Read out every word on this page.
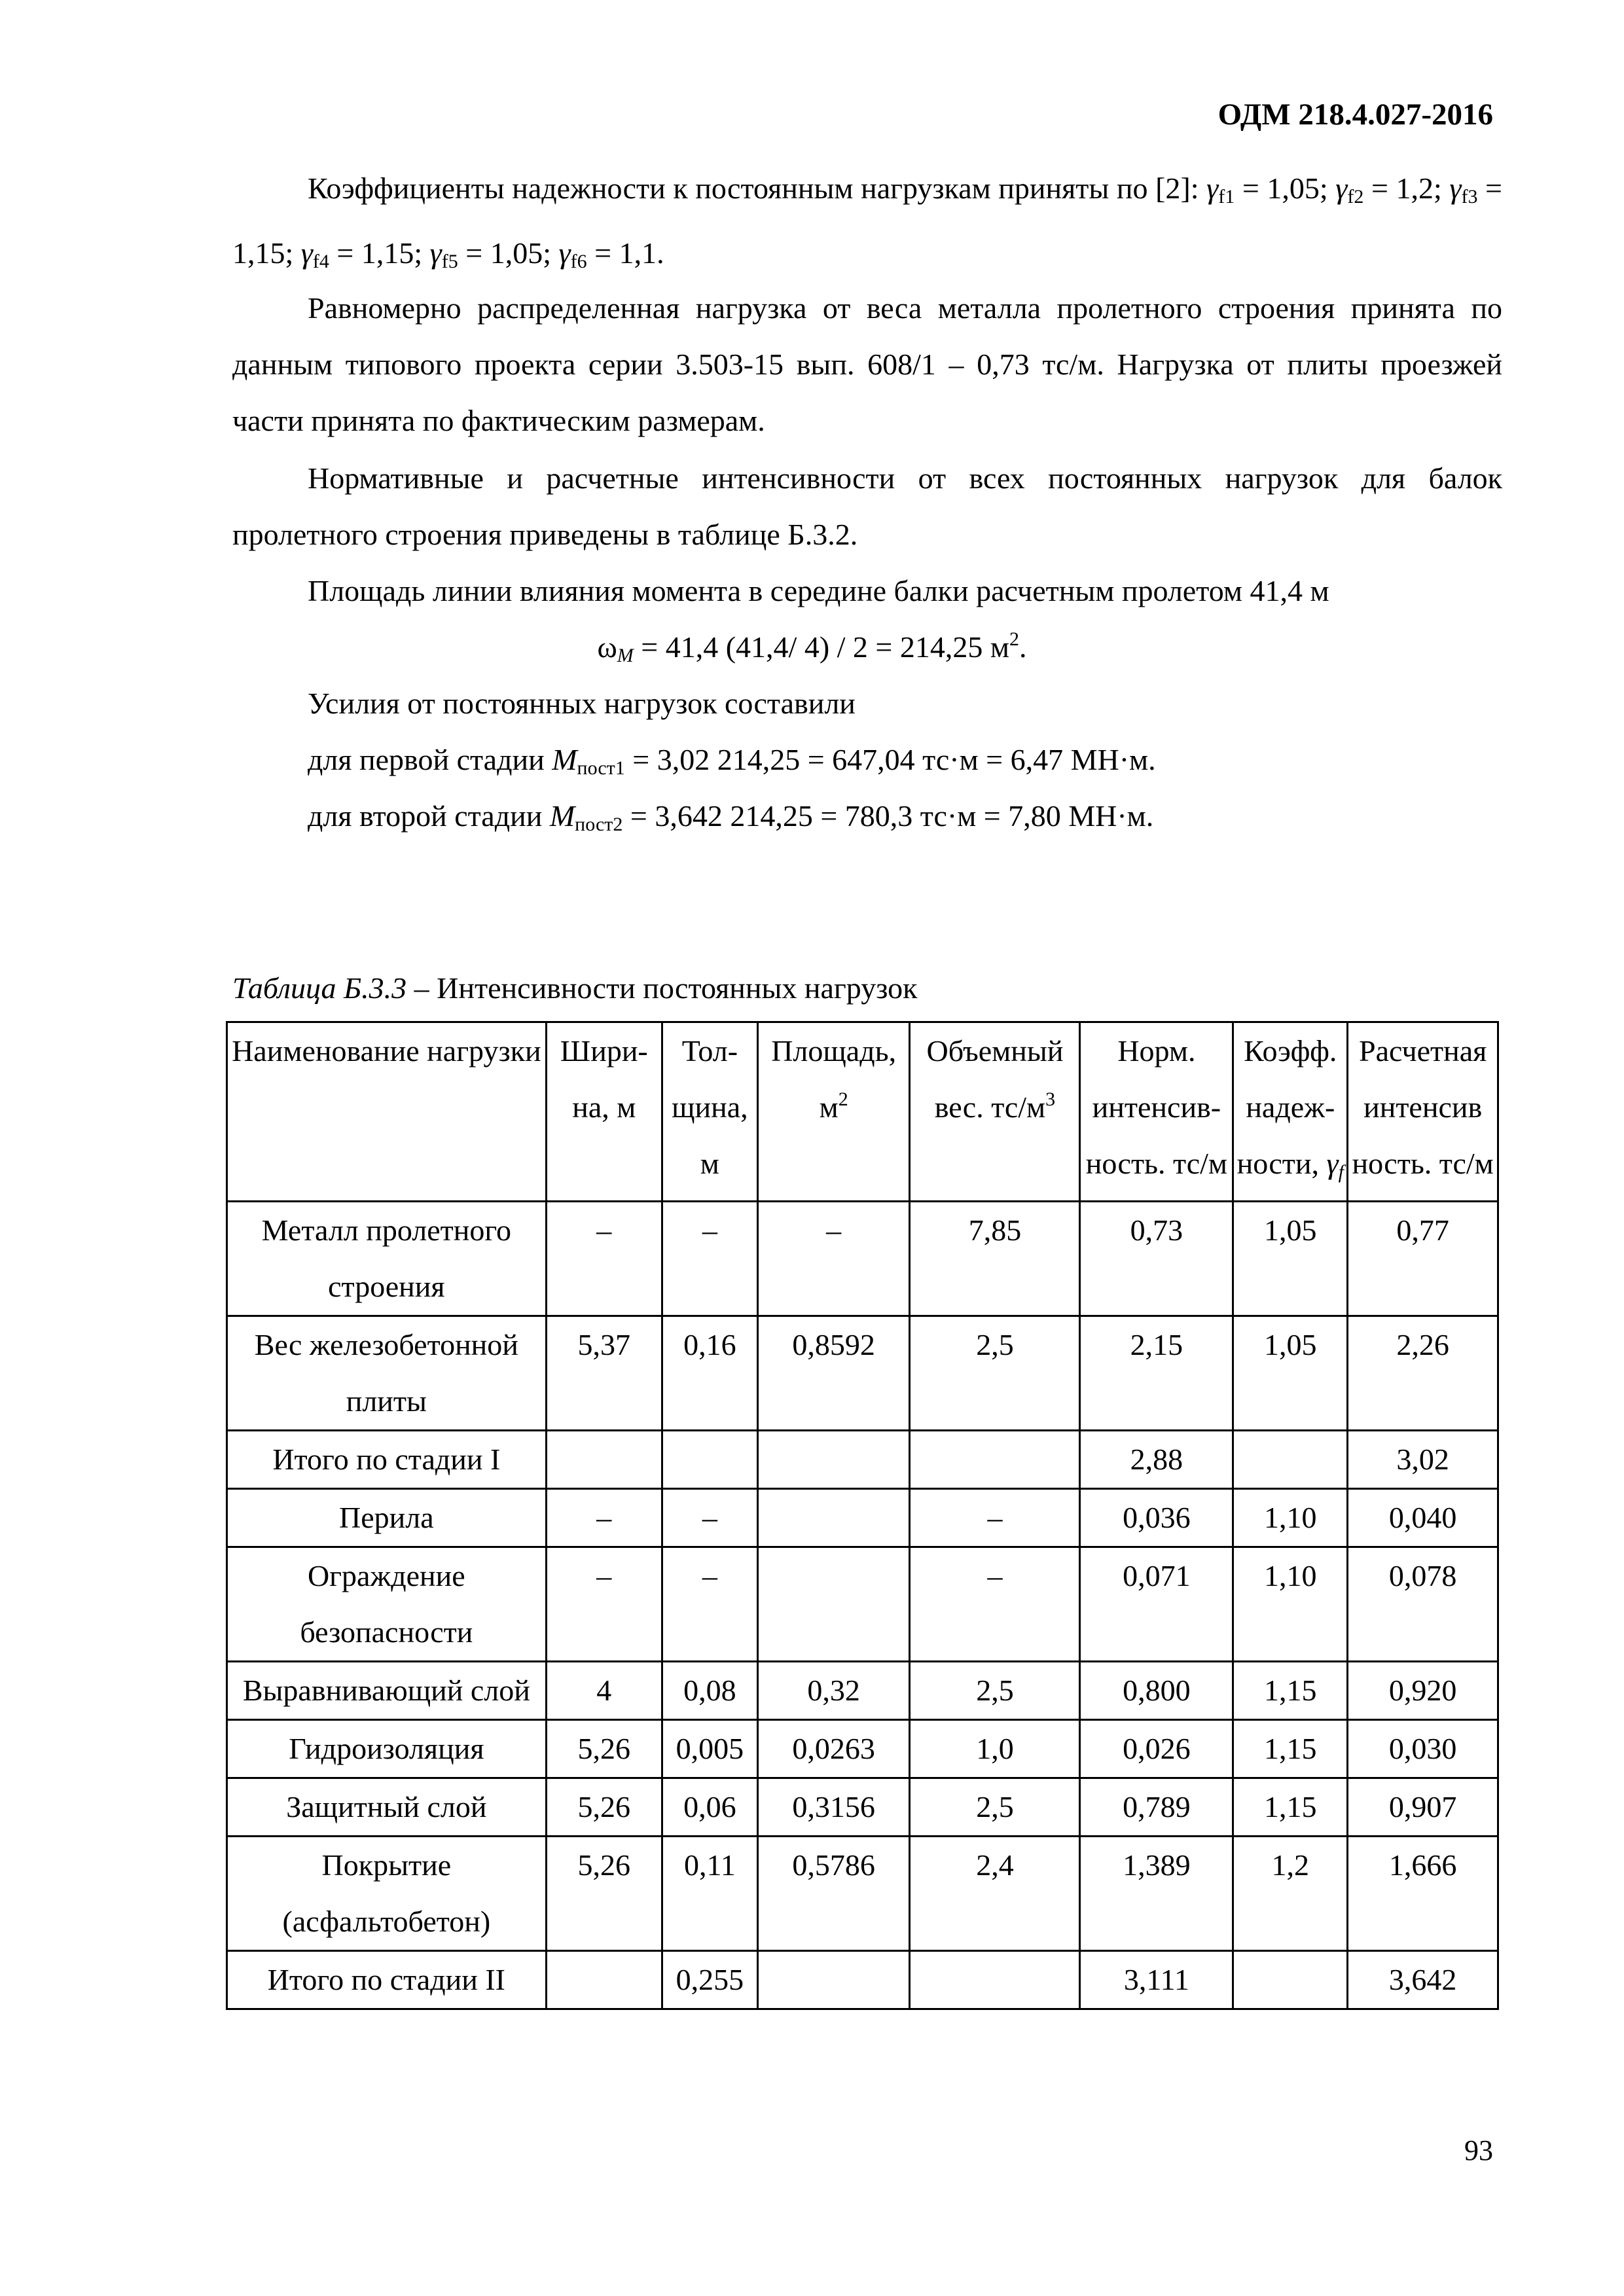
ОДМ 218.4.027-2016

Коэффициенты надежности к постоянным нагрузкам приняты по [2]: $\gamma_{f1} = 1,05$; $\gamma_{f2} = 1,2$; $\gamma_{f3} = 1,15$; $\gamma_{f4} = 1,15$; $\gamma_{f5} = 1,05$; $\gamma_{f6} = 1,1$.

Равномерно распределенная нагрузка от веса металла пролетного строения принята по данным типового проекта серии 3.503-15 вып. 608/1 – 0,73 тс/м. Нагрузка от плиты проезжей части принята по фактическим размерам.

Нормативные и расчетные интенсивности от всех постоянных нагрузок для балок пролетного строения приведены в таблице Б.3.2.

Площадь линии влияния момента в середине балки расчетным пролетом 41,4 м
$\omega_M = 41,4$ (41,4/ 4) / 2 = 214,25 $м^2$.
Усилия от постоянных нагрузок составили
для первой стадии $M_{пост1} = 3,02$ 214,25 = 647,04 тс·м = 6,47 МН·м.
для второй стадии $M_{пост2} = 3,642$ 214,25 = 780,3 тс·м = 7,80 МН·м.
Таблица Б.3.3 – Интенсивности постоянных нагрузок
Наименование нагрузки	Шири-на, м	Тол-щина, м	Площадь, $м^2$	Объемный вес. $тс/м^3$	Норм. интенсив-ность. тс/м	Коэфф. надеж-ности, $\gamma_f$	Расчетная интенсив ность. тс/м
Металл пролетного строения	–	–	–	7,85	0,73	1,05	0,77
Вес железобетонной плиты	5,37	0,16	0,8592	2,5	2,15	1,05	2,26
Итого по стадии I					2,88		3,02
Перила	–	–		–	0,036	1,10	0,040
Ограждение безопасности	–	–		–	0,071	1,10	0,078
Выравнивающий слой	4	0,08	0,32	2,5	0,800	1,15	0,920
Гидроизоляция	5,26	0,005	0,0263	1,0	0,026	1,15	0,030
Защитный слой	5,26	0,06	0,3156	2,5	0,789	1,15	0,907
Покрытие (асфальтобетон)	5,26	0,11	0,5786	2,4	1,389	1,2	1,666
Итого по стадии II		0,255			3,111		3,642
93
